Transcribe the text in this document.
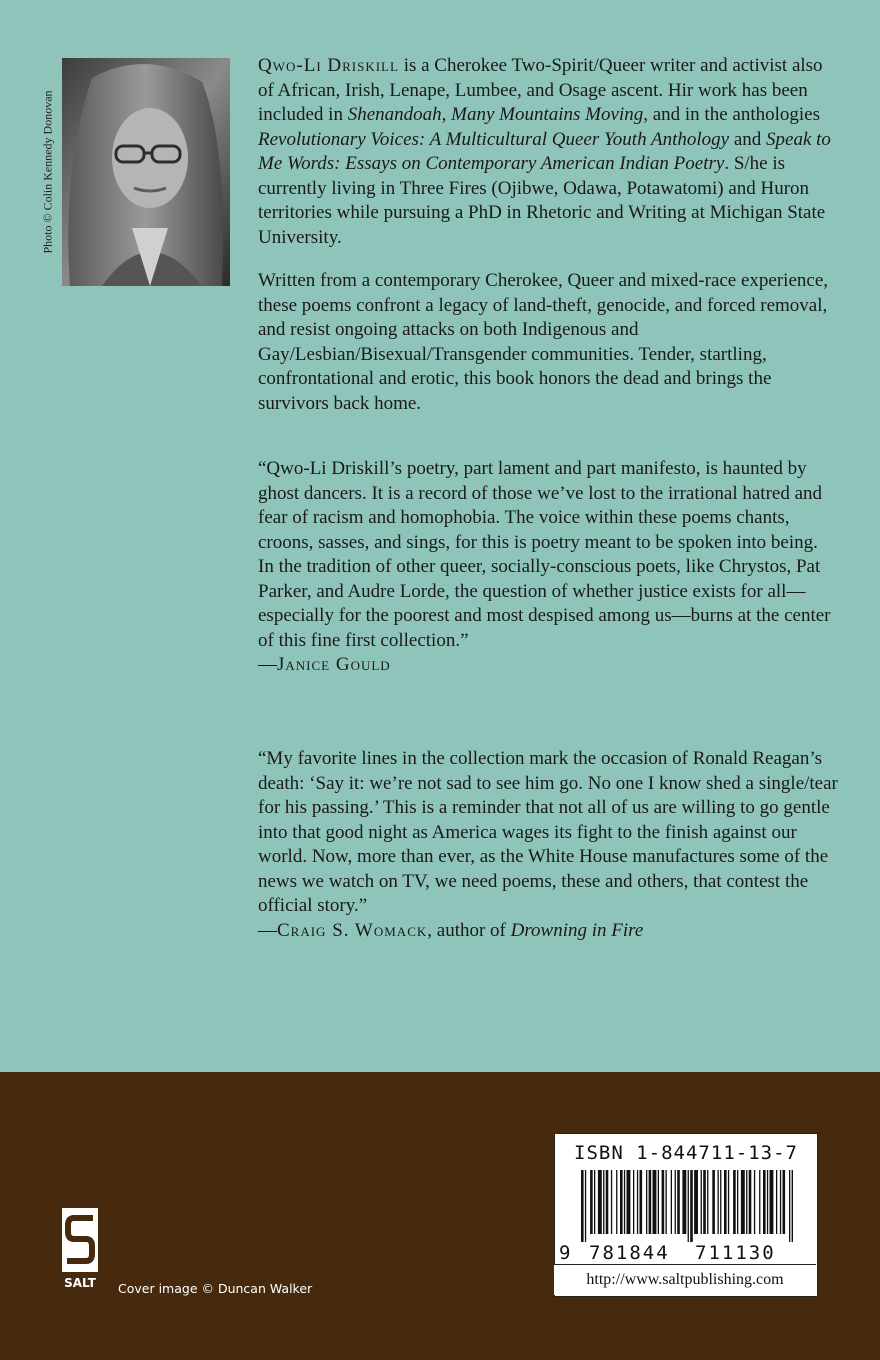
Photo © Colin Kennedy Donovan

Qwo-Li Driskill is a Cherokee Two-Spirit/Queer writer and activist also of African, Irish, Lenape, Lumbee, and Osage ascent. Hir work has been included in Shenandoah, Many Mountains Moving, and in the anthologies Revolutionary Voices: A Multicultural Queer Youth Anthology and Speak to Me Words: Essays on Contemporary American Indian Poetry. S/he is currently living in Three Fires (Ojibwe, Odawa, Potawatomi) and Huron territories while pursuing a PhD in Rhetoric and Writing at Michigan State University.

Written from a contemporary Cherokee, Queer and mixed-race experience, these poems confront a legacy of land-theft, genocide, and forced removal, and resist ongoing attacks on both Indigenous and Gay/Lesbian/Bisexual/Transgender communities. Tender, startling, confrontational and erotic, this book honors the dead and brings the survivors back home.

“Qwo-Li Driskill’s poetry, part lament and part manifesto, is haunted by ghost dancers. It is a record of those we’ve lost to the irrational hatred and fear of racism and homophobia. The voice within these poems chants, croons, sasses, and sings, for this is poetry meant to be spoken into being. In the tradition of other queer, socially-conscious poets, like Chrystos, Pat Parker, and Audre Lorde, the question of whether justice exists for all—especially for the poorest and most despised among us—burns at the center of this fine first collection.”

—Janice Gould

“My favorite lines in the collection mark the occasion of Ronald Reagan’s death: ‘Say it: we’re not sad to see him go. No one I know shed a single/tear for his passing.’ This is a reminder that not all of us are willing to go gentle into that good night as America wages its fight to the finish against our world. Now, more than ever, as the White House manufactures some of the news we watch on TV, we need poems, these and others, that contest the official story.”

—Craig S. Womack, author of Drowning in Fire

SALT Cover image © Duncan Walker
ISBN 1-844711-13-7
9 781844 711130
http://www.saltpublishing.com
